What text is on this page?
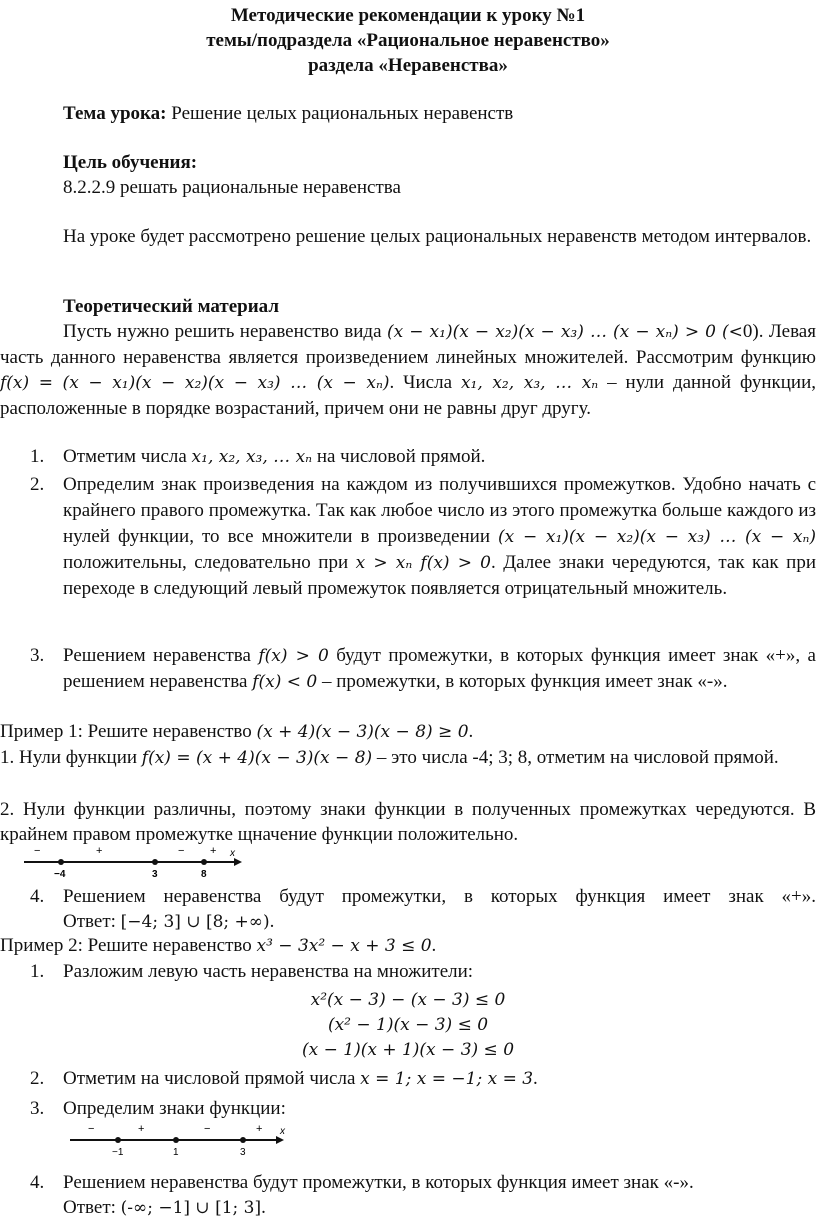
Методические рекомендации к уроку №1
темы/подраздела «Рациональное неравенство»
раздела «Неравенства»
Тема урока: Решение целых рациональных неравенств
Цель обучения:
8.2.2.9 решать рациональные неравенства
На уроке будет рассмотрено решение целых рациональных неравенств методом интервалов.
Теоретический материал
Пусть нужно решить неравенство вида (𝑥 − 𝑥₁)(𝑥 − 𝑥₂)(𝑥 − 𝑥₃) … (𝑥 − 𝑥ₙ) > 0 (<0). Левая часть данного неравенства является произведением линейных множителей. Рассмотрим функцию 𝑓(𝑥) = (𝑥 − 𝑥₁)(𝑥 − 𝑥₂)(𝑥 − 𝑥₃) … (𝑥 − 𝑥ₙ). Числа 𝑥₁, 𝑥₂, 𝑥₃, … 𝑥ₙ – нули данной функции, расположенные в порядке возрастаний, причем они не равны друг другу.
1. Отметим числа 𝑥₁, 𝑥₂, 𝑥₃, … 𝑥ₙ на числовой прямой.
2. Определим знак произведения на каждом из получившихся промежутков. Удобно начать с крайнего правого промежутка. Так как любое число из этого промежутка больше каждого из нулей функции, то все множители в произведении (𝑥 − 𝑥₁)(𝑥 − 𝑥₂)(𝑥 − 𝑥₃) … (𝑥 − 𝑥ₙ) положительны, следовательно при 𝑥 > 𝑥ₙ 𝑓(𝑥) > 0. Далее знаки чередуются, так как при переходе в следующий левый промежуток появляется отрицательный множитель.
3. Решением неравенства 𝑓(𝑥) > 0 будут промежутки, в которых функция имеет знак «+», а решением неравенства 𝑓(𝑥) < 0 – промежутки, в которых функция имеет знак «-».
Пример 1: Решите неравенство (𝑥 + 4)(𝑥 − 3)(𝑥 − 8) ≥ 0.
1. Нули функции 𝑓(𝑥) = (𝑥 + 4)(𝑥 − 3)(𝑥 − 8) – это числа -4; 3; 8, отметим на числовой прямой.
2. Нули функции различны, поэтому знаки функции в полученных промежутках чередуются. В крайнем правом промежутке щначение функции положительно.
x
−4	3	8
−	+	− +
4. Решением неравенства будут промежутки, в которых функция имеет знак «+».
Ответ: [−4; 3] ∪ [8; +∞).
Пример 2: Решите неравенство 𝑥³ − 3𝑥² − 𝑥 + 3 ≤ 0.
1. Разложим левую часть неравенства на множители:
𝑥²(𝑥 − 3) − (𝑥 − 3) ≤ 0
(𝑥² − 1)(𝑥 − 3) ≤ 0
(𝑥 − 1)(𝑥 + 1)(𝑥 − 3) ≤ 0
2. Отметим на числовой прямой числа 𝑥 = 1; 𝑥 = −1; 𝑥 = 3.
3. Определим знаки функции:
x
−1	1	3
−	+	−	+
4. Решением неравенства будут промежутки, в которых функция имеет знак «-».
Ответ: (-∞; −1] ∪ [1; 3].
